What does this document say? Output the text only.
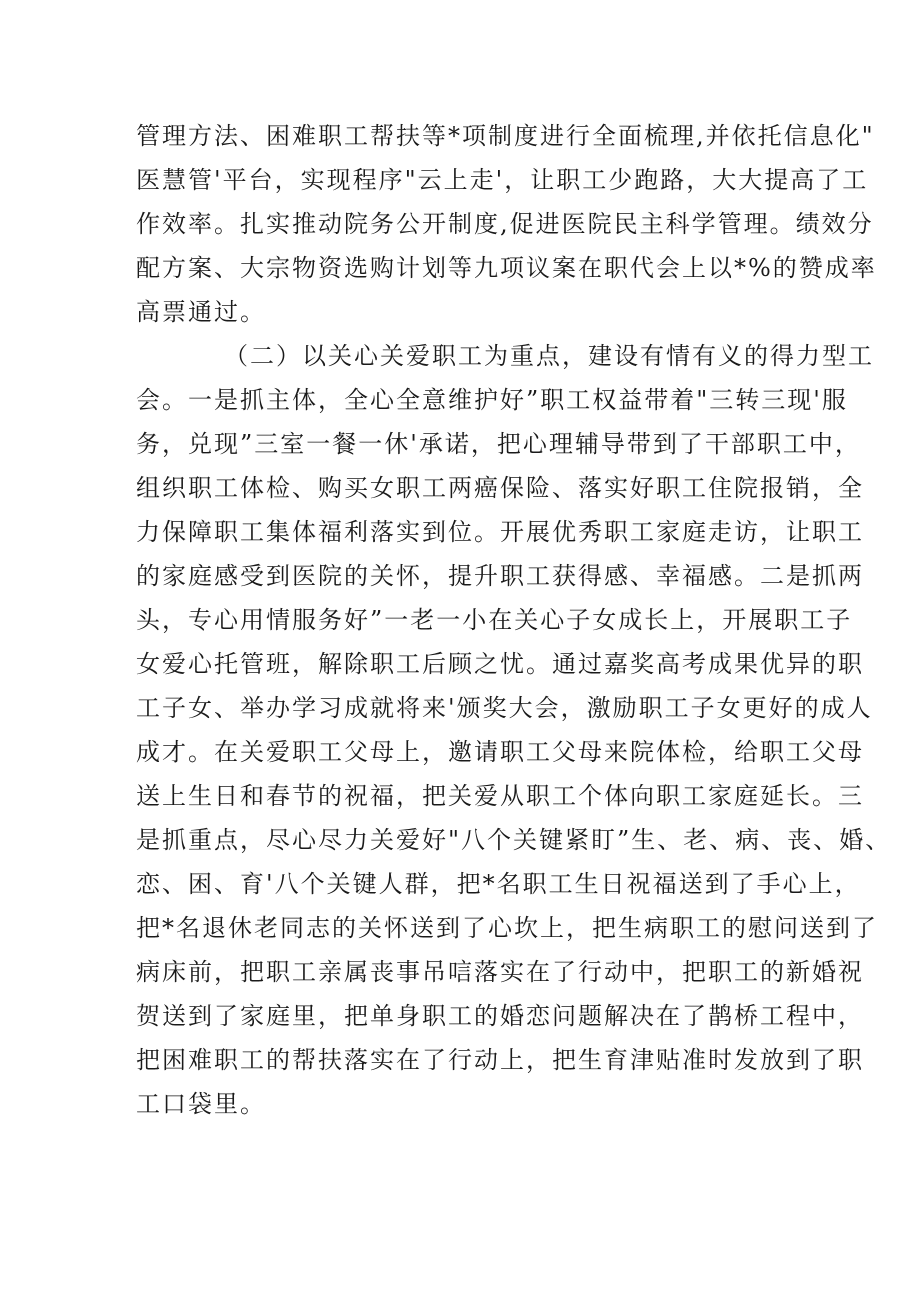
管理方法、困难职工帮扶等*项制度进行全面梳理,并依托信息化"
医慧管'平台，实现程序"云上走'，让职工少跑路，大大提高了工
作效率。扎实推动院务公开制度,促进医院民主科学管理。绩效分
配方案、大宗物资选购计划等九项议案在职代会上以*%的赞成率
高票通过。
（二）以关心关爱职工为重点，建设有情有义的得力型工
会。一是抓主体，全心全意维护好”职工权益带着"三转三现'服
务，兑现”三室一餐一休'承诺，把心理辅导带到了干部职工中，
组织职工体检、购买女职工两癌保险、落实好职工住院报销，全
力保障职工集体福利落实到位。开展优秀职工家庭走访，让职工
的家庭感受到医院的关怀，提升职工获得感、幸福感。二是抓两
头，专心用情服务好”一老一小在关心子女成长上，开展职工子
女爱心托管班，解除职工后顾之忧。通过嘉奖高考成果优异的职
工子女、举办学习成就将来'颁奖大会，激励职工子女更好的成人
成才。在关爱职工父母上，邀请职工父母来院体检，给职工父母
送上生日和春节的祝福，把关爱从职工个体向职工家庭延长。三
是抓重点，尽心尽力关爱好"八个关键紧盯”生、老、病、丧、婚、
恋、困、育'八个关键人群，把*名职工生日祝福送到了手心上，
把*名退休老同志的关怀送到了心坎上，把生病职工的慰问送到了
病床前，把职工亲属丧事吊唁落实在了行动中，把职工的新婚祝
贺送到了家庭里，把单身职工的婚恋问题解决在了鹊桥工程中，
把困难职工的帮扶落实在了行动上，把生育津贴准时发放到了职
工口袋里。
